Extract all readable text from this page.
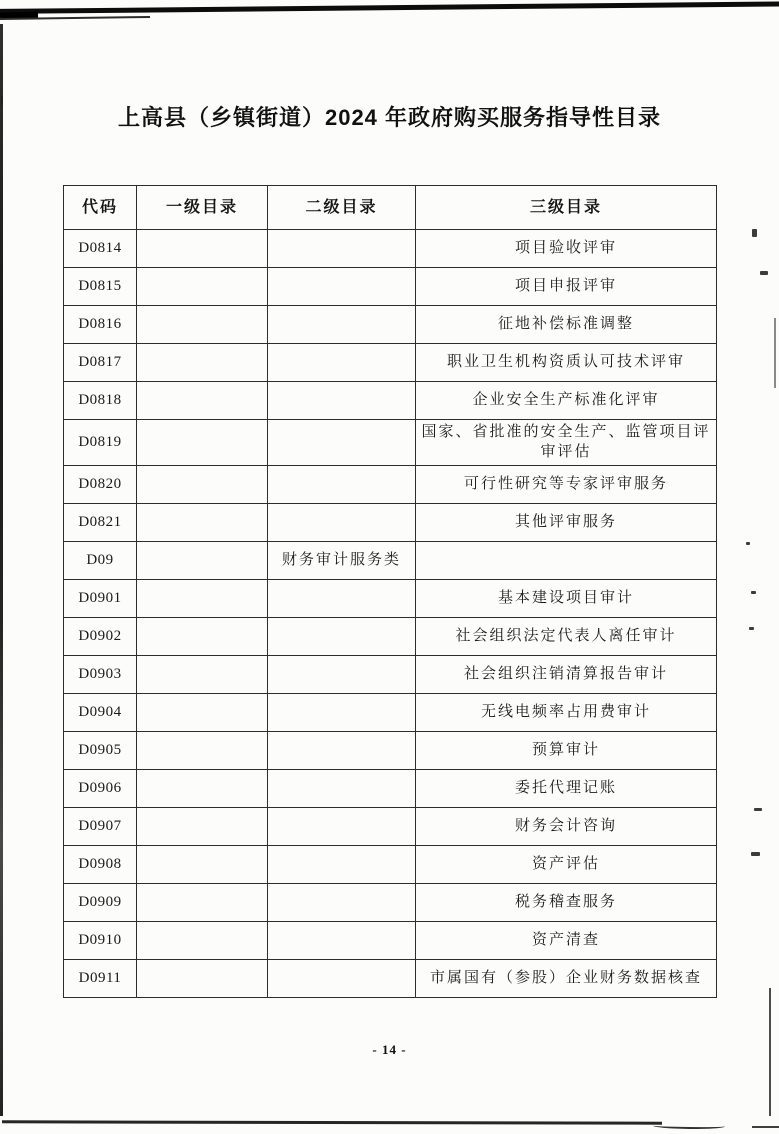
上高县（乡镇街道）2024 年政府购买服务指导性目录
代码	一级目录	二级目录	三级目录
D0814			项目验收评审
D0815			项目申报评审
D0816			征地补偿标准调整
D0817			职业卫生机构资质认可技术评审
D0818			企业安全生产标准化评审
D0819			国家、省批准的安全生产、监管项目评审评估
D0820			可行性研究等专家评审服务
D0821			其他评审服务
D09		财务审计服务类	
D0901			基本建设项目审计
D0902			社会组织法定代表人离任审计
D0903			社会组织注销清算报告审计
D0904			无线电频率占用费审计
D0905			预算审计
D0906			委托代理记账
D0907			财务会计咨询
D0908			资产评估
D0909			税务稽查服务
D0910			资产清查
D0911			市属国有（参股）企业财务数据核查
- 14 -
